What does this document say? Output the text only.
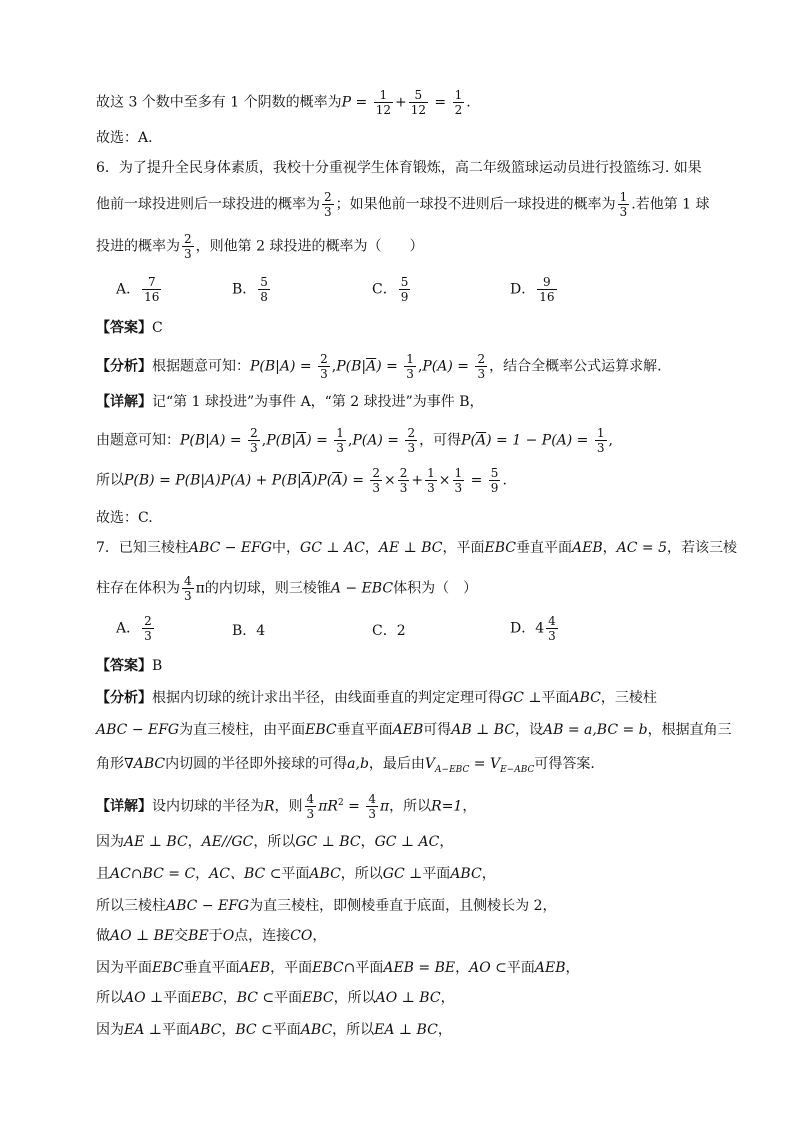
故这 3 个数中至多有 1 个阴数的概率为$P = \frac{1}{12} + \frac{5}{12} = \frac{1}{2}$ .
故选：A.
6．为了提升全民身体素质，我校十分重视学生体育锻炼，高二年级篮球运动员进行投篮练习. 如果
他前一球投进则后一球投进的概率为 $\frac{2}{3}$ ；如果他前一球投不进则后一球投进的概率为 $\frac{1}{3}$ .若他第 1 球
投进的概率为 $\frac{2}{3}$ ，则他第 2 球投进的概率为（　　）
A． $\frac{7}{16}$	B． $\frac{5}{8}$	C． $\frac{5}{9}$	D． $\frac{9}{16}$
【答案】C
【分析】根据题意可知：$P(B|A) = \frac{2}{3} ,P(B|\overline{A}) = \frac{1}{3} ,P(A) = \frac{2}{3}$ ，结合全概率公式运算求解.
【详解】记“第 1 球投进”为事件 A，“第 2 球投进”为事件 B，
由题意可知：$P(B|A) = \frac{2}{3} ,P(B|\overline{A}) = \frac{1}{3} ,P(A) = \frac{2}{3}$ ，可得$P(\overline{A}) = 1 - P(A) = \frac{1}{3}$ ,
所以$P(B) = P(B|A)P(A) + P(B|\overline{A})P(\overline{A}) = \frac{2}{3} \times \frac{2}{3} + \frac{1}{3} \times \frac{1}{3} = \frac{5}{9}$ .
故选：C.
7．已知三棱柱ABC − EFG中，GC ⊥ AC，AE ⊥ BC，平面EBC垂直平面AEB，AC = 5，若该三棱
柱存在体积为 $\frac{4}{3}$ π的内切球，则三棱锥A − EBC体积为（　）
A． $\frac{2}{3}$	B．4	C．2	D．$4 \frac{4}{3}$
【答案】B
【分析】根据内切球的统计求出半径，由线面垂直的判定定理可得GC ⊥平面ABC，三棱柱
ABC − EFG为直三棱柱，由平面EBC垂直平面AEB可得AB ⊥ BC，设AB = a,BC = b，根据直角三
角形∇ABC内切圆的半径即外接球的可得a,b，最后由$V_{A-EBC} = V_{E-ABC}$可得答案.
【详解】设内切球的半径为R，则 $\frac{4}{3} \pi R^2 = \frac{4}{3}$ π，所以R=1，
因为AE ⊥ BC，AE//GC，所以GC ⊥ BC，GC ⊥ AC，
且AC∩BC = C，AC、BC ⊂平面ABC，所以GC ⊥平面ABC，
所以三棱柱ABC − EFG为直三棱柱，即侧棱垂直于底面，且侧棱长为 2，
做AO ⊥ BE交BE于O点，连接CO，
因为平面EBC垂直平面AEB，平面EBC∩平面AEB = BE，AO ⊂平面AEB，
所以AO ⊥平面EBC，BC ⊂平面EBC，所以AO ⊥ BC，
因为EA ⊥平面ABC，BC ⊂平面ABC，所以EA ⊥ BC，
